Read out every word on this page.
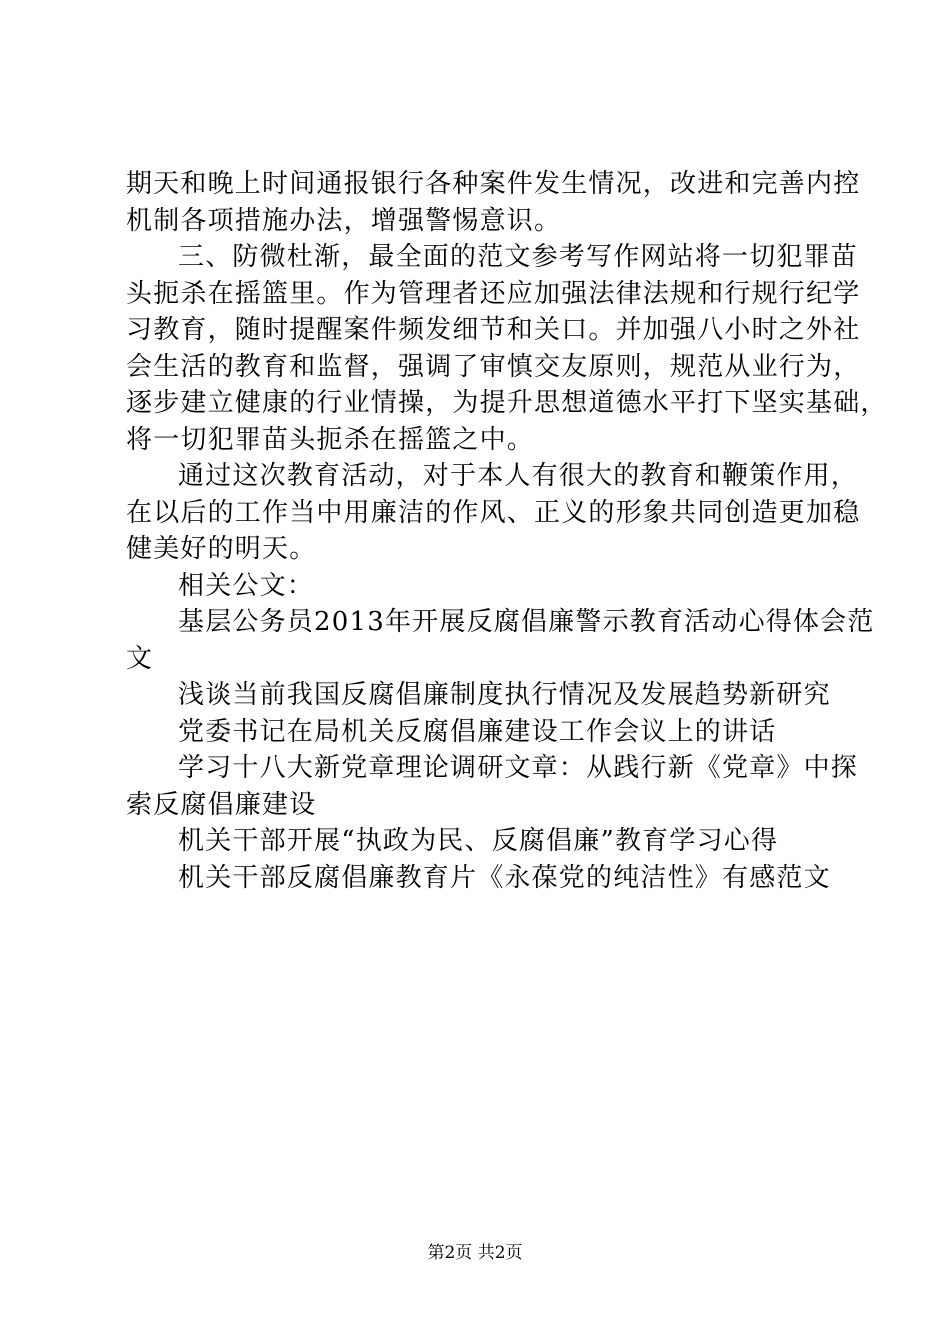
期天和晚上时间通报银行各种案件发生情况，改进和完善内控
机制各项措施办法，增强警惕意识。
三、防微杜渐，最全面的范文参考写作网站将一切犯罪苗
头扼杀在摇篮里。作为管理者还应加强法律法规和行规行纪学
习教育，随时提醒案件频发细节和关口。并加强八小时之外社
会生活的教育和监督，强调了审慎交友原则，规范从业行为，
逐步建立健康的行业情操，为提升思想道德水平打下坚实基础，
将一切犯罪苗头扼杀在摇篮之中。
通过这次教育活动，对于本人有很大的教育和鞭策作用，
在以后的工作当中用廉洁的作风、正义的形象共同创造更加稳
健美好的明天。
相关公文：
基层公务员2013年开展反腐倡廉警示教育活动心得体会范
文
浅谈当前我国反腐倡廉制度执行情况及发展趋势新研究
党委书记在局机关反腐倡廉建设工作会议上的讲话
学习十八大新党章理论调研文章：从践行新《党章》中探
索反腐倡廉建设
机关干部开展“执政为民、反腐倡廉”教育学习心得
机关干部反腐倡廉教育片《永葆党的纯洁性》有感范文
第2页 共2页
